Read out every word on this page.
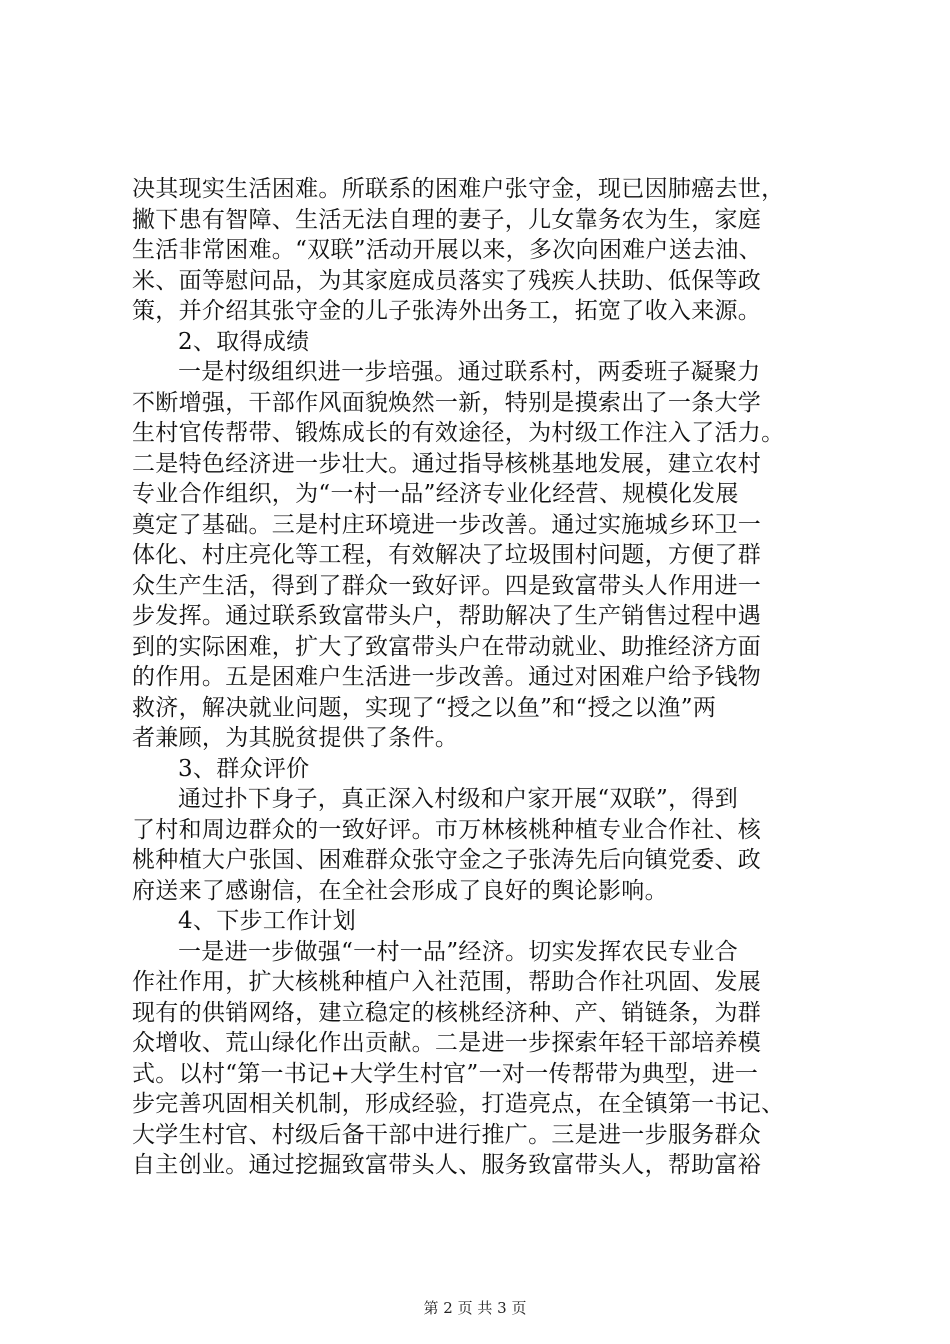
决其现实生活困难。所联系的困难户张守金，现已因肺癌去世，
撇下患有智障、生活无法自理的妻子，儿女靠务农为生，家庭
生活非常困难。“双联”活动开展以来，多次向困难户送去油、
米、面等慰问品，为其家庭成员落实了残疾人扶助、低保等政
策，并介绍其张守金的儿子张涛外出务工，拓宽了收入来源。
2、取得成绩
一是村级组织进一步培强。通过联系村，两委班子凝聚力
不断增强，干部作风面貌焕然一新，特别是摸索出了一条大学
生村官传帮带、锻炼成长的有效途径，为村级工作注入了活力。
二是特色经济进一步壮大。通过指导核桃基地发展，建立农村
专业合作组织，为“一村一品”经济专业化经营、规模化发展
奠定了基础。三是村庄环境进一步改善。通过实施城乡环卫一
体化、村庄亮化等工程，有效解决了垃圾围村问题，方便了群
众生产生活，得到了群众一致好评。四是致富带头人作用进一
步发挥。通过联系致富带头户，帮助解决了生产销售过程中遇
到的实际困难，扩大了致富带头户在带动就业、助推经济方面
的作用。五是困难户生活进一步改善。通过对困难户给予钱物
救济，解决就业问题，实现了“授之以鱼”和“授之以渔”两
者兼顾，为其脱贫提供了条件。
3、群众评价
通过扑下身子，真正深入村级和户家开展“双联”，得到
了村和周边群众的一致好评。市万林核桃种植专业合作社、核
桃种植大户张国、困难群众张守金之子张涛先后向镇党委、政
府送来了感谢信，在全社会形成了良好的舆论影响。
4、下步工作计划
一是进一步做强“一村一品”经济。切实发挥农民专业合
作社作用，扩大核桃种植户入社范围，帮助合作社巩固、发展
现有的供销网络，建立稳定的核桃经济种、产、销链条，为群
众增收、荒山绿化作出贡献。二是进一步探索年轻干部培养模
式。以村“第一书记+大学生村官”一对一传帮带为典型，进一
步完善巩固相关机制，形成经验，打造亮点，在全镇第一书记、
大学生村官、村级后备干部中进行推广。三是进一步服务群众
自主创业。通过挖掘致富带头人、服务致富带头人，帮助富裕
第 2 页 共 3 页
